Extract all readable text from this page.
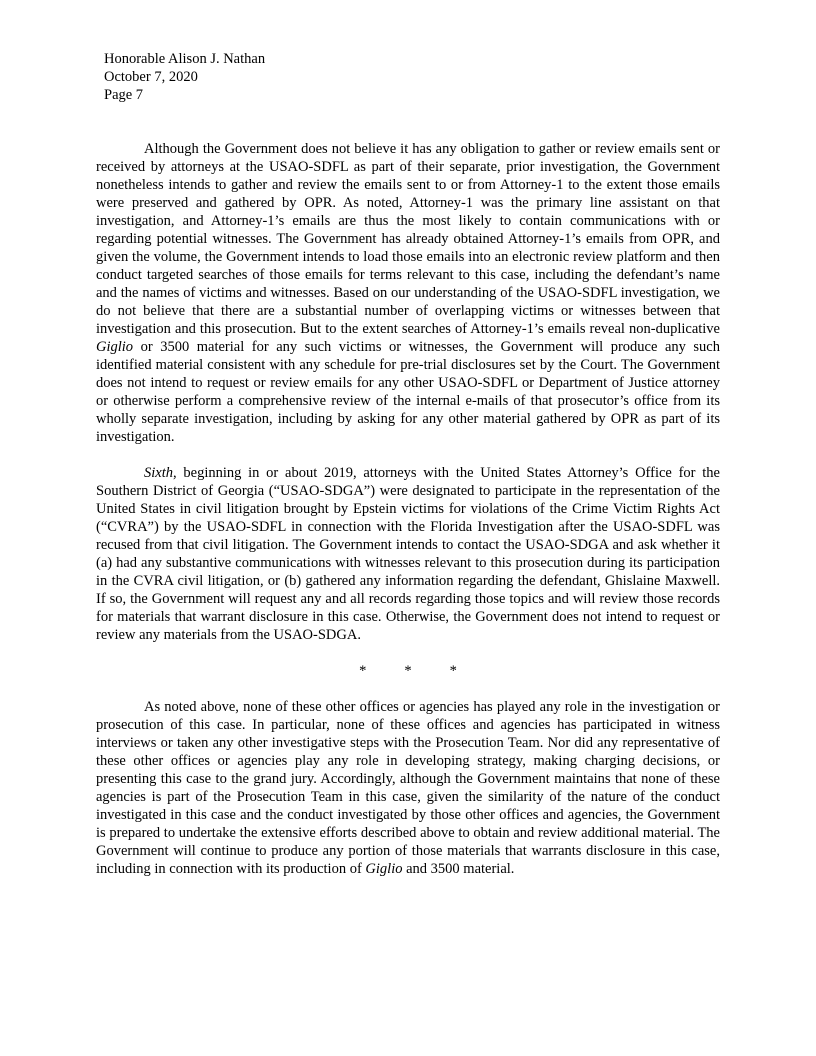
Honorable Alison J. Nathan
October 7, 2020
Page 7

Although the Government does not believe it has any obligation to gather or review emails sent or received by attorneys at the USAO-SDFL as part of their separate, prior investigation, the Government nonetheless intends to gather and review the emails sent to or from Attorney-1 to the extent those emails were preserved and gathered by OPR. As noted, Attorney-1 was the primary line assistant on that investigation, and Attorney-1’s emails are thus the most likely to contain communications with or regarding potential witnesses. The Government has already obtained Attorney-1’s emails from OPR, and given the volume, the Government intends to load those emails into an electronic review platform and then conduct targeted searches of those emails for terms relevant to this case, including the defendant’s name and the names of victims and witnesses. Based on our understanding of the USAO-SDFL investigation, we do not believe that there are a substantial number of overlapping victims or witnesses between that investigation and this prosecution. But to the extent searches of Attorney-1’s emails reveal non-duplicative Giglio or 3500 material for any such victims or witnesses, the Government will produce any such identified material consistent with any schedule for pre-trial disclosures set by the Court. The Government does not intend to request or review emails for any other USAO-SDFL or Department of Justice attorney or otherwise perform a comprehensive review of the internal e-mails of that prosecutor’s office from its wholly separate investigation, including by asking for any other material gathered by OPR as part of its investigation.

Sixth, beginning in or about 2019, attorneys with the United States Attorney’s Office for the Southern District of Georgia (“USAO-SDGA”) were designated to participate in the representation of the United States in civil litigation brought by Epstein victims for violations of the Crime Victim Rights Act (“CVRA”) by the USAO-SDFL in connection with the Florida Investigation after the USAO-SDFL was recused from that civil litigation. The Government intends to contact the USAO-SDGA and ask whether it (a) had any substantive communications with witnesses relevant to this prosecution during its participation in the CVRA civil litigation, or (b) gathered any information regarding the defendant, Ghislaine Maxwell. If so, the Government will request any and all records regarding those topics and will review those records for materials that warrant disclosure in this case. Otherwise, the Government does not intend to request or review any materials from the USAO-SDGA.

*	*	*

As noted above, none of these other offices or agencies has played any role in the investigation or prosecution of this case. In particular, none of these offices and agencies has participated in witness interviews or taken any other investigative steps with the Prosecution Team. Nor did any representative of these other offices or agencies play any role in developing strategy, making charging decisions, or presenting this case to the grand jury. Accordingly, although the Government maintains that none of these agencies is part of the Prosecution Team in this case, given the similarity of the nature of the conduct investigated in this case and the conduct investigated by those other offices and agencies, the Government is prepared to undertake the extensive efforts described above to obtain and review additional material. The Government will continue to produce any portion of those materials that warrants disclosure in this case, including in connection with its production of Giglio and 3500 material.
